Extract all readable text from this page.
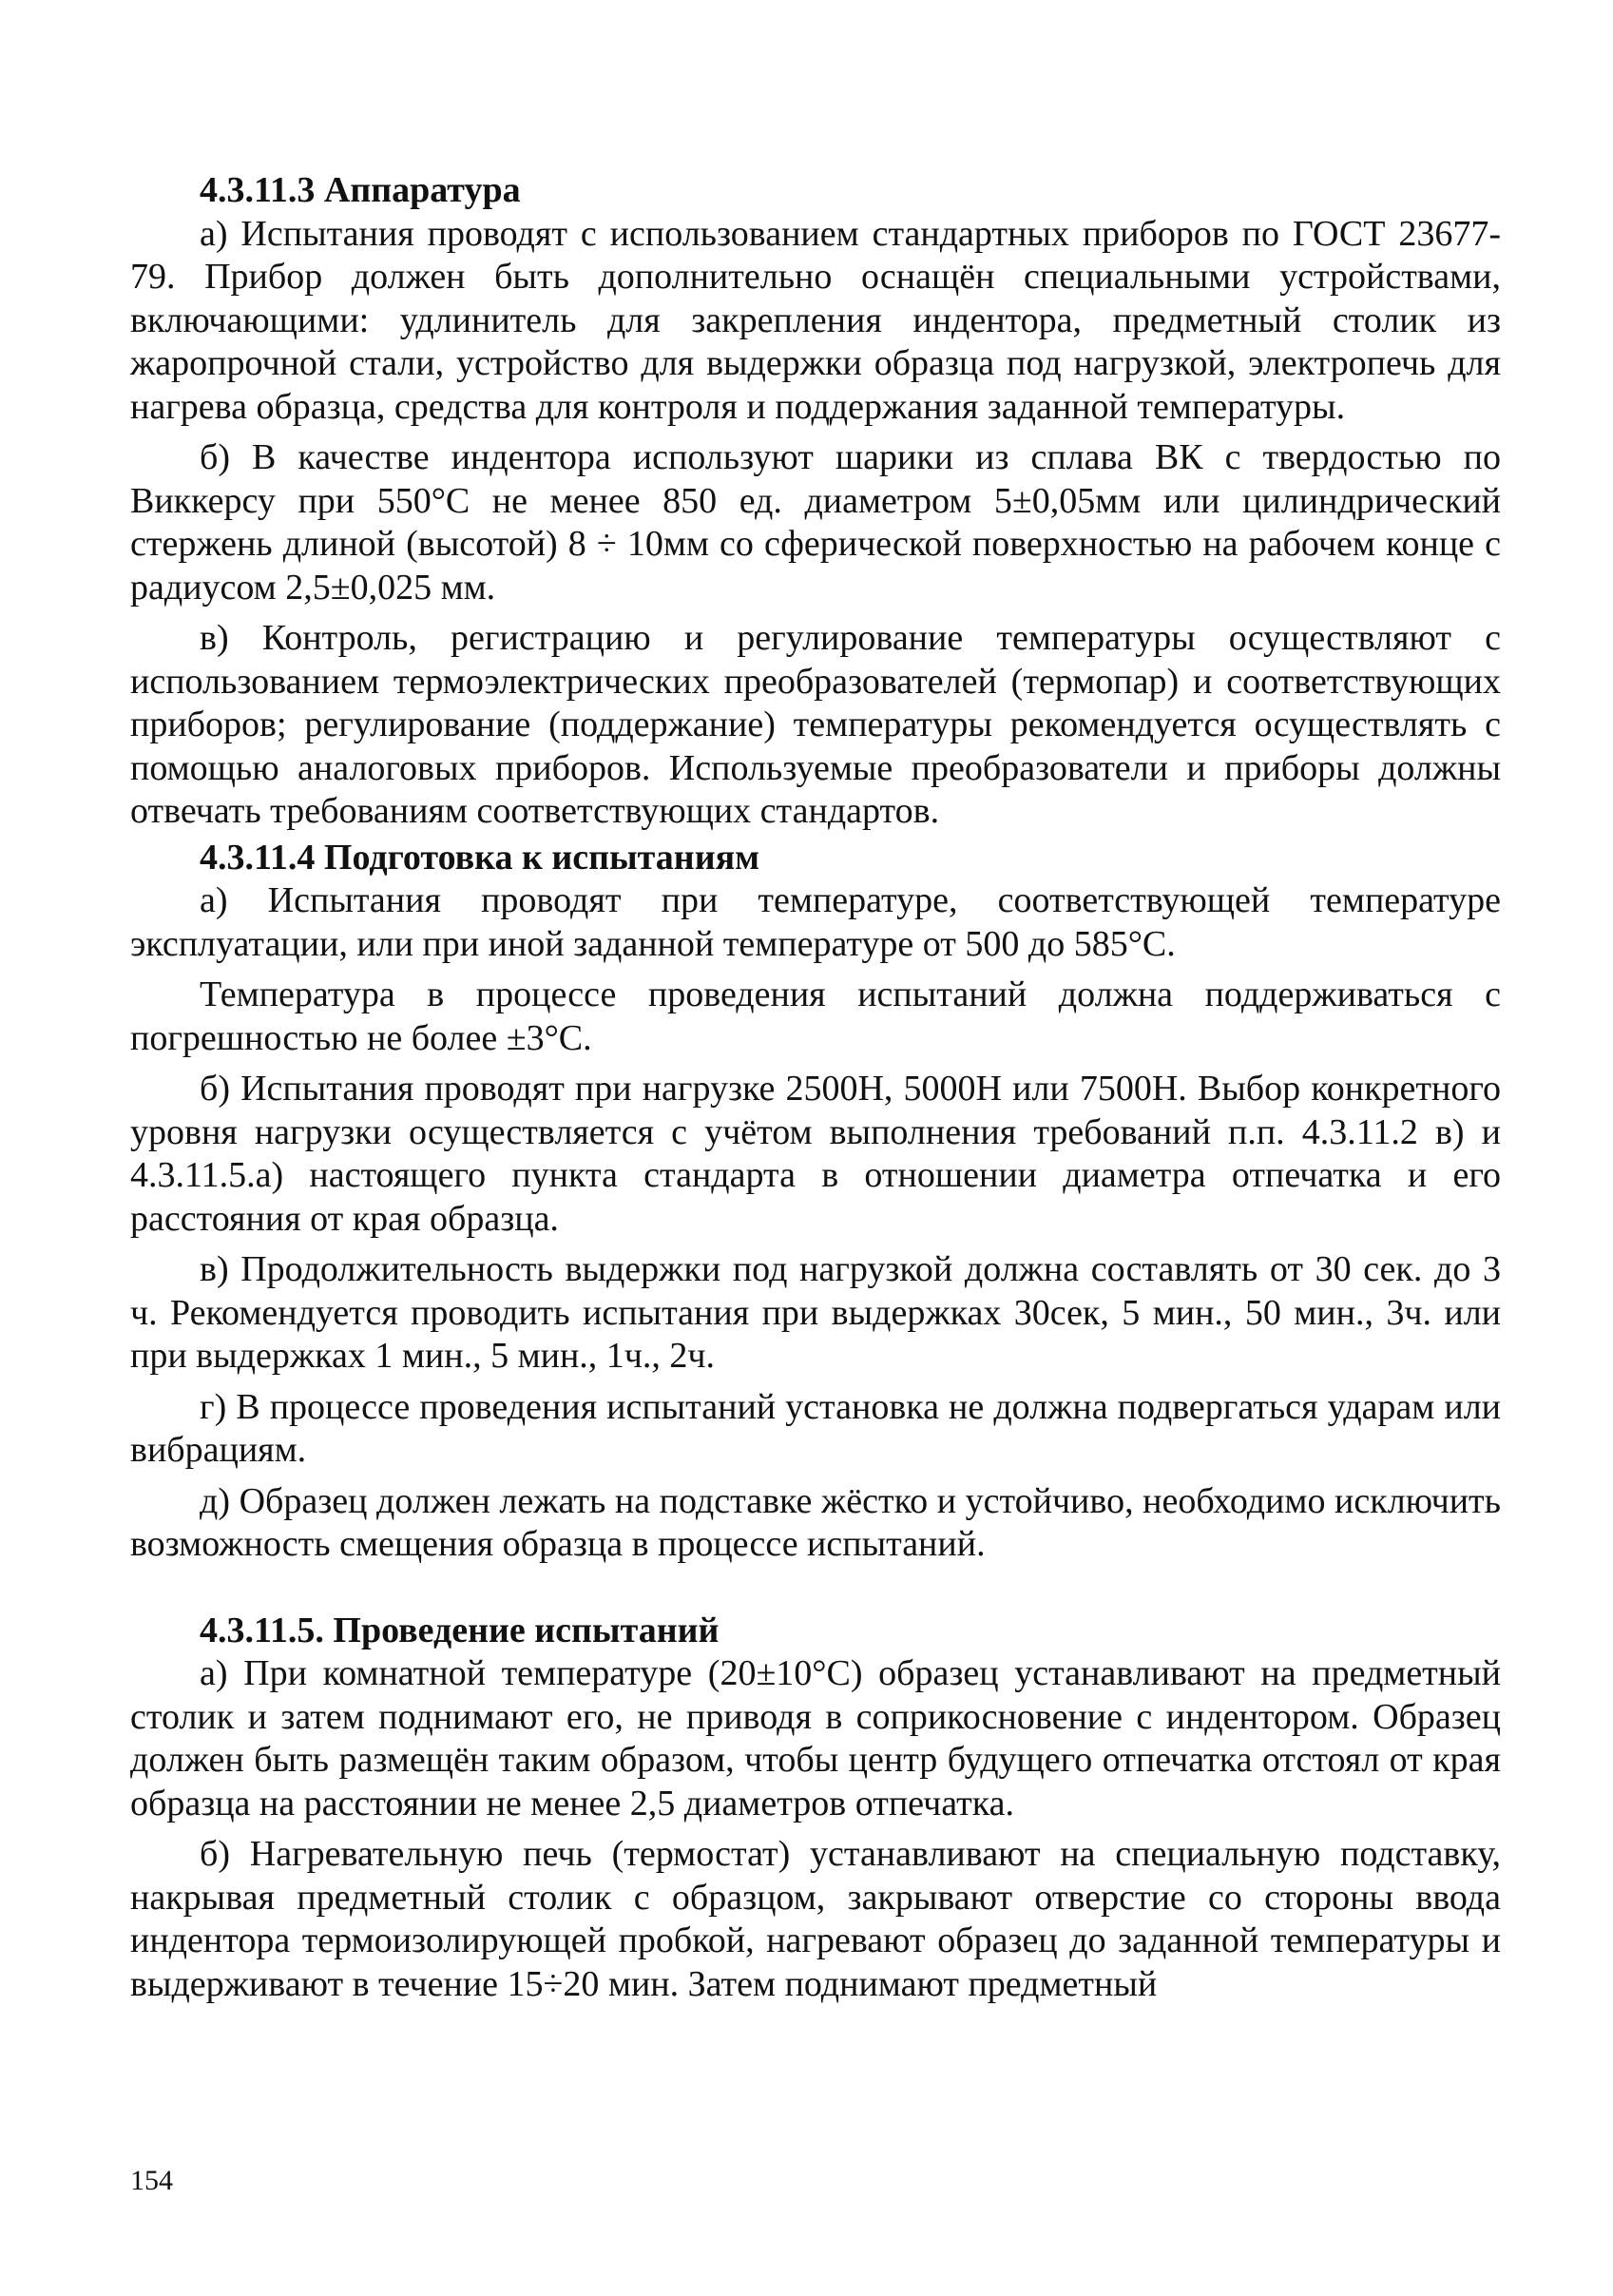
4.3.11.3 Аппаратура

а) Испытания проводят с использованием стандартных приборов по ГОСТ 23677-79. Прибор должен быть дополнительно оснащён специальными устройствами, включающими: удлинитель для закрепления индентора, предметный столик из жаропрочной стали, устройство для выдержки образца под нагрузкой, электропечь для нагрева образца, средства для контроля и поддержания заданной температуры.

б) В качестве индентора используют шарики из сплава ВК с твердостью по Виккерсу при 550°С не менее 850 ед. диаметром 5±0,05мм или цилиндрический стержень длиной (высотой) 8 ÷ 10мм со сферической поверхностью на рабочем конце с радиусом 2,5±0,025 мм.

в) Контроль, регистрацию и регулирование температуры осуществляют с использованием термоэлектрических преобразователей (термопар) и соответствующих приборов; регулирование (поддержание) температуры рекомендуется осуществлять с помощью аналоговых приборов. Используемые преобразователи и приборы должны отвечать требованиям соответствующих стандартов.

4.3.11.4 Подготовка к испытаниям

а) Испытания проводят при температуре, соответствующей температуре эксплуатации, или при иной заданной температуре от 500 до 585°С.

Температура в процессе проведения испытаний должна поддерживаться с погрешностью не более ±3°С.

б) Испытания проводят при нагрузке 2500Н, 5000Н или 7500Н. Выбор конкретного уровня нагрузки осуществляется с учётом выполнения требований п.п. 4.3.11.2 в) и 4.3.11.5.а) настоящего пункта стандарта в отношении диаметра отпечатка и его расстояния от края образца.

в) Продолжительность выдержки под нагрузкой должна составлять от 30 сек. до 3 ч. Рекомендуется проводить испытания при выдержках 30сек, 5 мин., 50 мин., 3ч. или при выдержках 1 мин., 5 мин., 1ч., 2ч.

г) В процессе проведения испытаний установка не должна подвергаться ударам или вибрациям.

д) Образец должен лежать на подставке жёстко и устойчиво, необходимо исключить возможность смещения образца в процессе испытаний.

4.3.11.5. Проведение испытаний

а) При комнатной температуре (20±10°С) образец устанавливают на предметный столик и затем поднимают его, не приводя в соприкосновение с индентором. Образец должен быть размещён таким образом, чтобы центр будущего отпечатка отстоял от края образца на расстоянии не менее 2,5 диаметров отпечатка.

б) Нагревательную печь (термостат) устанавливают на специальную подставку, накрывая предметный столик с образцом, закрывают отверстие со стороны ввода индентора термоизолирующей пробкой, нагревают образец до заданной температуры и выдерживают в течение 15÷20 мин. Затем поднимают предметный

154
